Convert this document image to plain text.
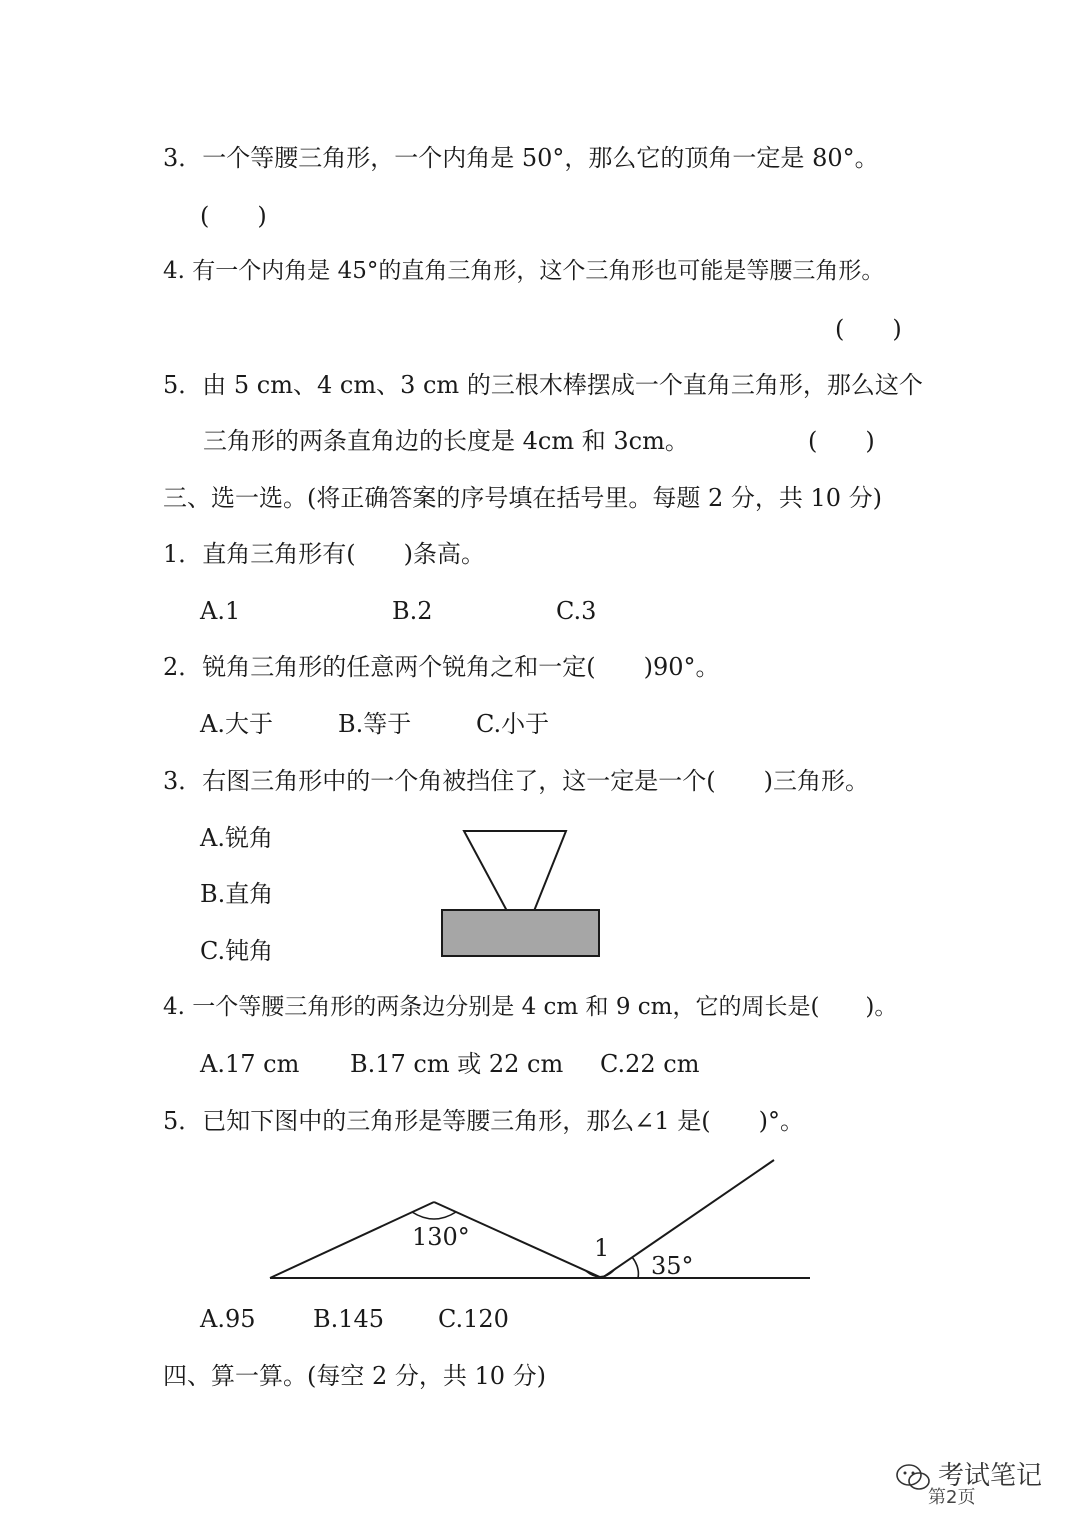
3．一个等腰三角形，一个内角是 50°，那么它的顶角一定是 80°。

(　　)

4. 有一个内角是 45°的直角三角形，这个三角形也可能是等腰三角形。

(　　)

5．由 5 cm、4 cm、3 cm 的三根木棒摆成一个直角三角形，那么这个

三角形的两条直角边的长度是 4cm 和 3cm。	(　　)

三、选一选。(将正确答案的序号填在括号里。每题 2 分，共 10 分)

1．直角三角形有(　　)条高。

A.1	B.2	C.3

2．锐角三角形的任意两个锐角之和一定(　　)90°。

A.大于	B.等于	C.小于

3．右图三角形中的一个角被挡住了，这一定是一个(　　)三角形。

A.锐角

B.直角

C.钝角

4. 一个等腰三角形的两条边分别是 4 cm 和 9 cm，它的周长是(　　)。

A.17 cm B.17 cm 或 22 cm C.22 cm

5．已知下图中的三角形是等腰三角形，那么∠1 是(　　)°。

130°	1
35°

A.95 B.145 C.120

四、算一算。(每空 2 分，共 10 分)

考试笔记
第2页
